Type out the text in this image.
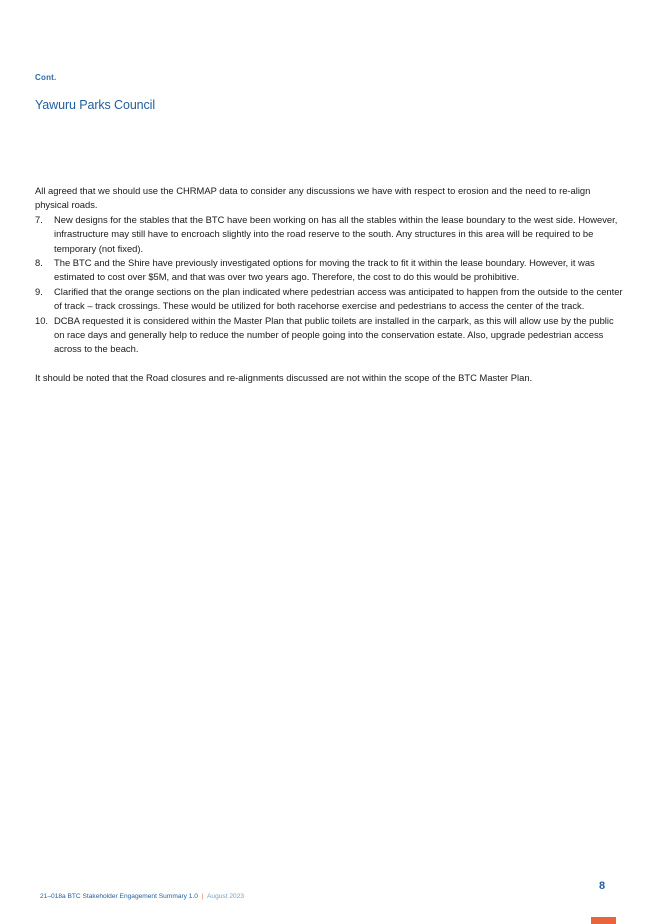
Cont.
Yawuru Parks Council

All agreed that we should use the CHRMAP data to consider any discussions we have with respect to erosion and the need to re-align physical roads.

7. New designs for the stables that the BTC have been working on has all the stables within the lease boundary to the west side. However, infrastructure may still have to encroach slightly into the road reserve to the south. Any structures in this area will be required to be temporary (not fixed).
8. The BTC and the Shire have previously investigated options for moving the track to fit it within the lease boundary. However, it was estimated to cost over $5M, and that was over two years ago. Therefore, the cost to do this would be prohibitive.
9. Clarified that the orange sections on the plan indicated where pedestrian access was anticipated to happen from the outside to the center of track – track crossings. These would be utilized for both racehorse exercise and pedestrians to access the center of the track.
10. DCBA requested it is considered within the Master Plan that public toilets are installed in the carpark, as this will allow use by the public on race days and generally help to reduce the number of people going into the conservation estate. Also, upgrade pedestrian access across to the beach.

It should be noted that the Road closures and re-alignments discussed are not within the scope of the BTC Master Plan.

8
21–018a BTC Stakeholder Engagement Summary 1.0 | August 2023
